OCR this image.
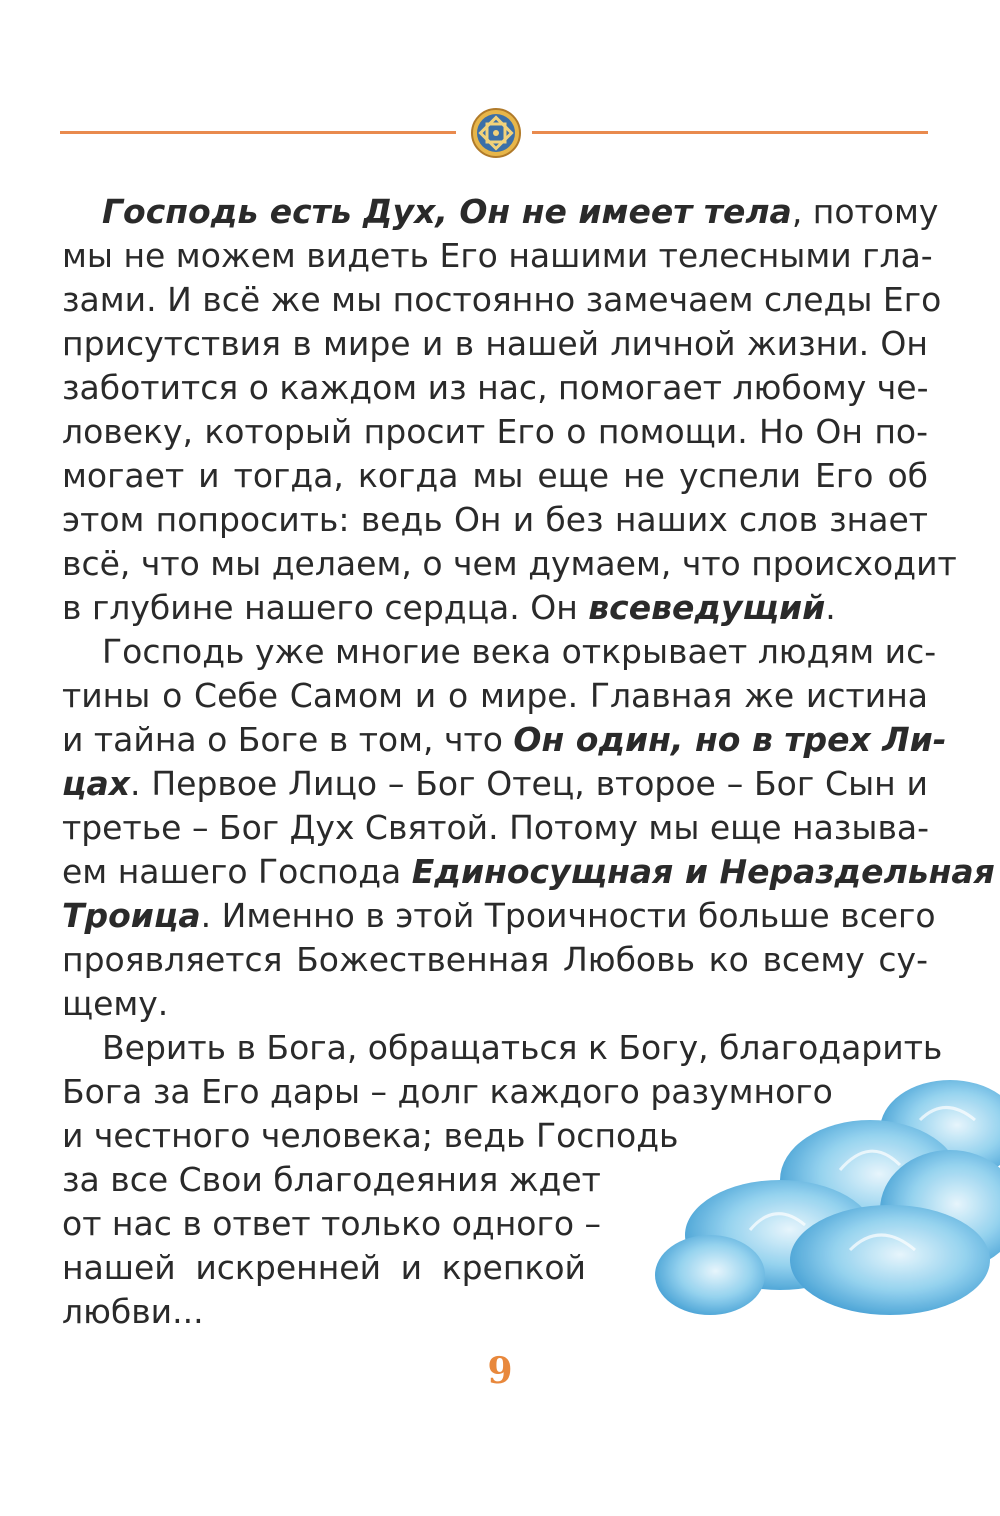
Господь есть Дух, Он не имеет тела, потому
мы не можем видеть Его нашими телесными гла-
зами. И всё же мы постоянно замечаем следы Его
присутствия в мире и в нашей личной жизни. Он
заботится о каждом из нас, помогает любому че-
ловеку, который просит Его о помощи. Но Он по-
могает и тогда, когда мы еще не успели Его об
этом попросить: ведь Он и без наших слов знает
всё, что мы делаем, о чем думаем, что происходит
в глубине нашего сердца. Он всеведущий.
Господь уже многие века открывает людям ис-
тины о Себе Самом и о мире. Главная же истина
и тайна о Боге в том, что Он один, но в трех Ли-
цах. Первое Лицо – Бог Отец, второе – Бог Сын и
третье – Бог Дух Святой. Потому мы еще называ-
ем нашего Господа Единосущная и Нераздельная
Троица. Именно в этой Троичности больше всего
проявляется Божественная Любовь ко всему су-
щему.
Верить в Бога, обращаться к Богу, благодарить
Бога за Его дары – долг каждого разумного
и честного человека; ведь Господь
за все Свои благодеяния ждет
от нас в ответ только одного –
нашей искренней и крепкой
любви...
9
